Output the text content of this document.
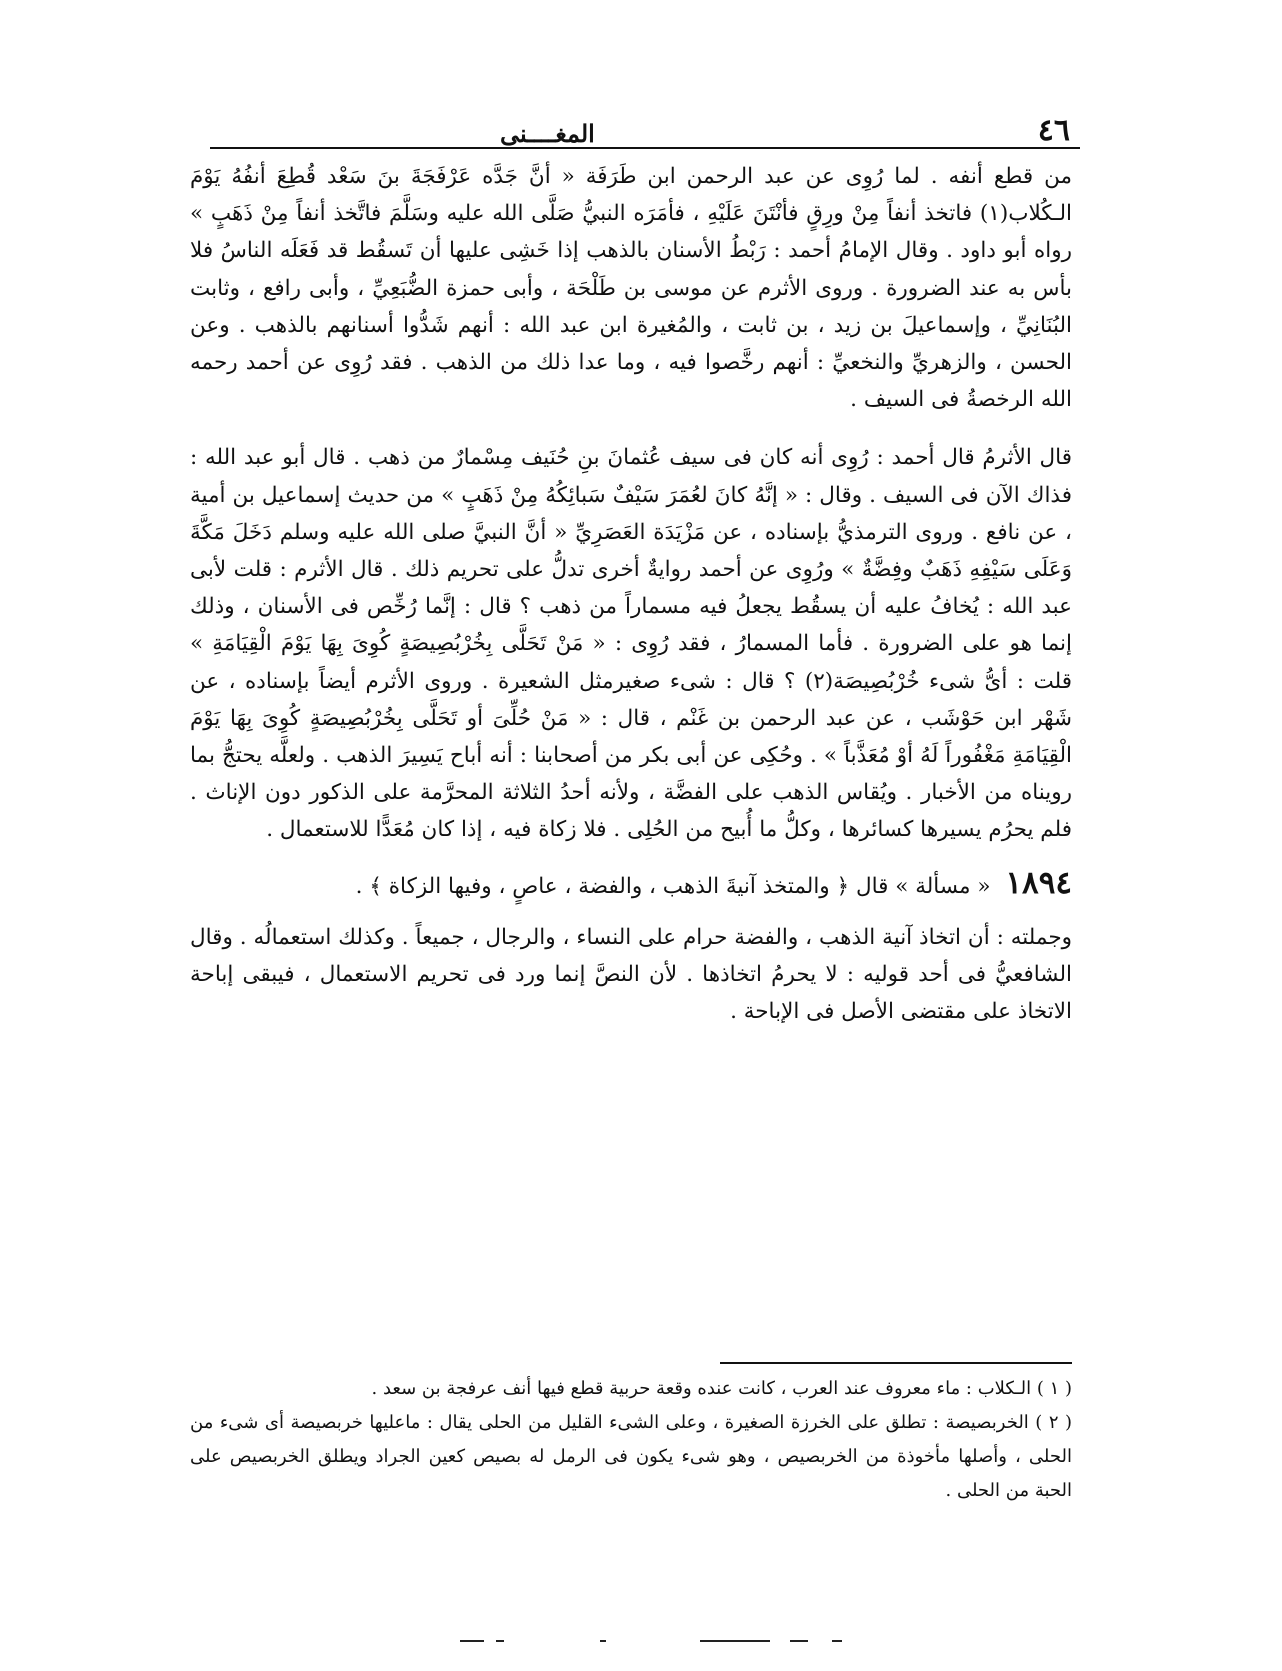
٤٦
المغــــنى

من قطع أنفه . لما رُوِى عن عبد الرحمن ابن طَرَفَة « أنَّ جَدَّه عَرْفَجَةَ بنَ سَعْد قُطِعَ أنفُهُ يَوْمَ الـكُلاب(١) فاتخذ أنفاً مِنْ ورِقٍ فأنْتَنَ عَلَيْهِ ، فأمَرَه النبيُّ صَلَّى الله عليه وسَلَّمَ فاتَّخذ أنفاً مِنْ ذَهَبٍ » رواه أبو داود . وقال الإمامُ أحمد : رَبْطُ الأسنان بالذهب إذا خَشِى عليها أن تَسقُط قد فَعَلَه الناسُ فلا بأس به عند الضرورة . وروى الأثرم عن موسى بن طَلْحَة ، وأبى حمزة الضُّبَعِيِّ ، وأبى رافع ، وثابت البُنَانِيِّ ، وإسماعيلَ بن زيد ، بن ثابت ، والمُغيرة ابن عبد الله : أنهم شَدُّوا أسنانهم بالذهب . وعن الحسن ، والزهريِّ والنخعيِّ : أنهم رخَّصوا فيه ، وما عدا ذلك من الذهب . فقد رُوِى عن أحمد رحمه الله الرخصةُ فى السيف .

قال الأثرمُ قال أحمد : رُوِى أنه كان فى سيف عُثمانَ بنِ حُنَيف مِسْمارٌ من ذهب . قال أبو عبد الله : فذاك الآن فى السيف . وقال : « إنَّهُ كانَ لعُمَرَ سَيْفٌ سَبائِكُهُ مِنْ ذَهَبٍ » من حديث إسماعيل بن أمية ، عن نافع . وروى الترمذيُّ بإسناده ، عن مَزْيَدَة العَصَرِيِّ « أنَّ النبيَّ صلى الله عليه وسلم دَخَلَ مَكَّةَ وَعَلَى سَيْفِهِ ذَهَبٌ وفِضَّةٌ » ورُوِى عن أحمد روايةٌ أخرى تدلُّ على تحريم ذلك . قال الأثرم : قلت لأبى عبد الله : يُخافُ عليه أن يسقُط يجعلُ فيه مسماراً من ذهب ؟ قال : إنَّما رُخِّص فى الأسنان ، وذلك إنما هو على الضرورة . فأما المسمارُ ، فقد رُوِى : « مَنْ تَحَلَّى بِخُرْبُصِيصَةٍ كُوِىَ بِهَا يَوْمَ الْقِيَامَةِ » قلت : أىُّ شىء خُرْبُصِيصَة(٢) ؟ قال : شىء صغيرمثل الشعيرة . وروى الأثرم أيضاً بإسناده ، عن شَهْر ابن حَوْشَب ، عن عبد الرحمن بن غَنْم ، قال : « مَنْ حُلِّىَ أو تَحَلَّى بِخُرْبُصِيصَةٍ كُوِىَ بِهَا يَوْمَ الْقِيَامَةِ مَغْفُوراً لَهُ أوْ مُعَذَّباً » . وحُكِى عن أبى بكر من أصحابنا : أنه أباح يَسِيرَ الذهب . ولعلَّه يحتجُّ بما رويناه من الأخبار . ويُقاس الذهب على الفضَّة ، ولأنه أحدُ الثلاثة المحرَّمة على الذكور دون الإناث . فلم يحرُم يسيرها كسائرها ، وكلُّ ما أُبيح من الحُلِى . فلا زكاة فيه ، إذا كان مُعَدًّا للاستعمال .

١٨٩٤ « مسألة » قال ﴿ والمتخذ آنيةَ الذهب ، والفضة ، عاصٍ ، وفيها الزكاة ﴾ .

وجملته : أن اتخاذ آنية الذهب ، والفضة حرام على النساء ، والرجال ، جميعاً . وكذلك استعمالُه . وقال الشافعيُّ فى أحد قوليه : لا يحرمُ اتخاذها . لأن النصَّ إنما ورد فى تحريم الاستعمال ، فيبقى إباحة الاتخاذ على مقتضى الأصل فى الإباحة .

( ١ ) الـكلاب : ماء معروف عند العرب ، كانت عنده وقعة حربية قطع فيها أنف عرفجة بن سعد .

( ٢ ) الخربصيصة : تطلق على الخرزة الصغيرة ، وعلى الشىء القليل من الحلى يقال : ماعليها خربصيصة أى شىء من الحلى ، وأصلها مأخوذة من الخربصيص ، وهو شىء يكون فى الرمل له بصيص كعين الجراد ويطلق الخربصيص على الحبة من الحلى .
